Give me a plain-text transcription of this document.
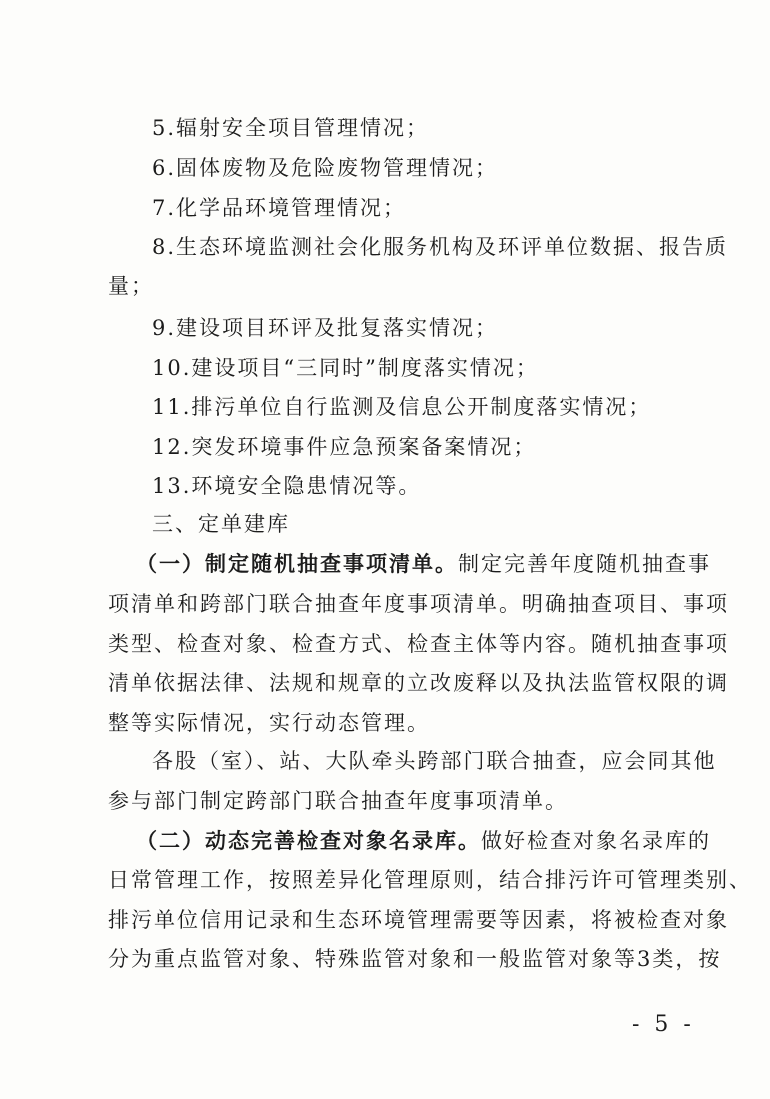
5.辐射安全项目管理情况；
6.固体废物及危险废物管理情况；
7.化学品环境管理情况；
8.生态环境监测社会化服务机构及环评单位数据、报告质
量；
9.建设项目环评及批复落实情况；
10.建设项目“三同时”制度落实情况；
11.排污单位自行监测及信息公开制度落实情况；
12.突发环境事件应急预案备案情况；
13.环境安全隐患情况等。
三、定单建库
（一）制定随机抽查事项清单。制定完善年度随机抽查事
项清单和跨部门联合抽查年度事项清单。明确抽查项目、事项
类型、检查对象、检查方式、检查主体等内容。随机抽查事项
清单依据法律、法规和规章的立改废释以及执法监管权限的调
整等实际情况，实行动态管理。
各股（室）、站、大队牵头跨部门联合抽查，应会同其他
参与部门制定跨部门联合抽查年度事项清单。
（二）动态完善检查对象名录库。做好检查对象名录库的
日常管理工作，按照差异化管理原则，结合排污许可管理类别、
排污单位信用记录和生态环境管理需要等因素，将被检查对象
分为重点监管对象、特殊监管对象和一般监管对象等3类，按
- 5 -
